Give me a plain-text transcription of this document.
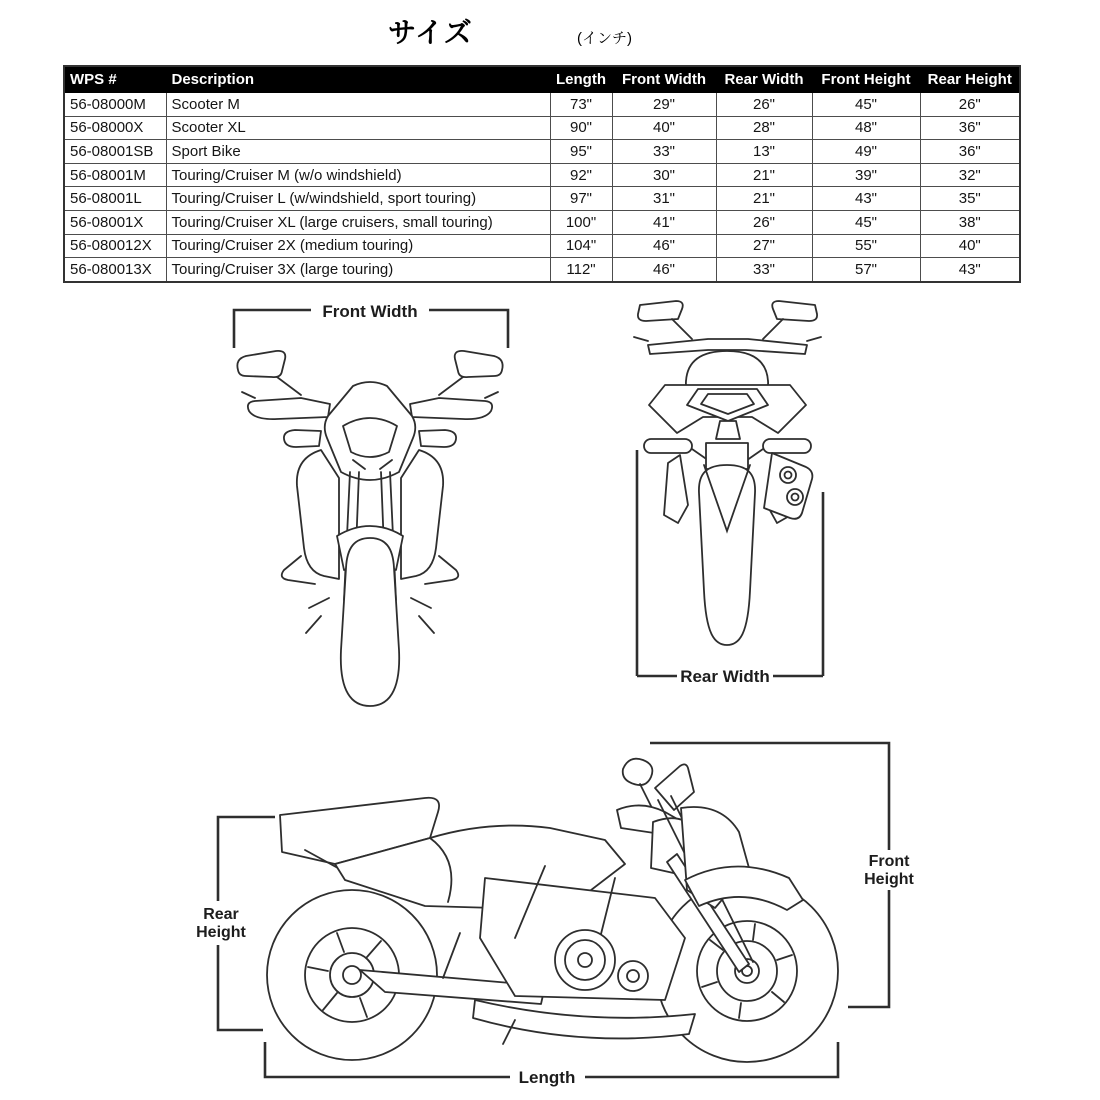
サイズ	(インチ)
WPS #	Description	Length	Front Width	Rear Width	Front Height	Rear Height
56-08000M	Scooter M	73"	29"	26"	45"	26"
56-08000X	Scooter XL	90"	40"	28"	48"	36"
56-08001SB	Sport Bike	95"	33"	13"	49"	36"
56-08001M	Touring/Cruiser M (w/o windshield)	92"	30"	21"	39"	32"
56-08001L	Touring/Cruiser L (w/windshield, sport touring)	97"	31"	21"	43"	35"
56-08001X	Touring/Cruiser XL (large cruisers, small touring)	100"	41"	26"	45"	38"
56-080012X	Touring/Cruiser 2X (medium touring)	104"	46"	27"	55"	40"
56-080013X	Touring/Cruiser 3X (large touring)	112"	46"	33"	57"	43"
Front Width
Rear Width
Rear
Height
Front
Height
Length
